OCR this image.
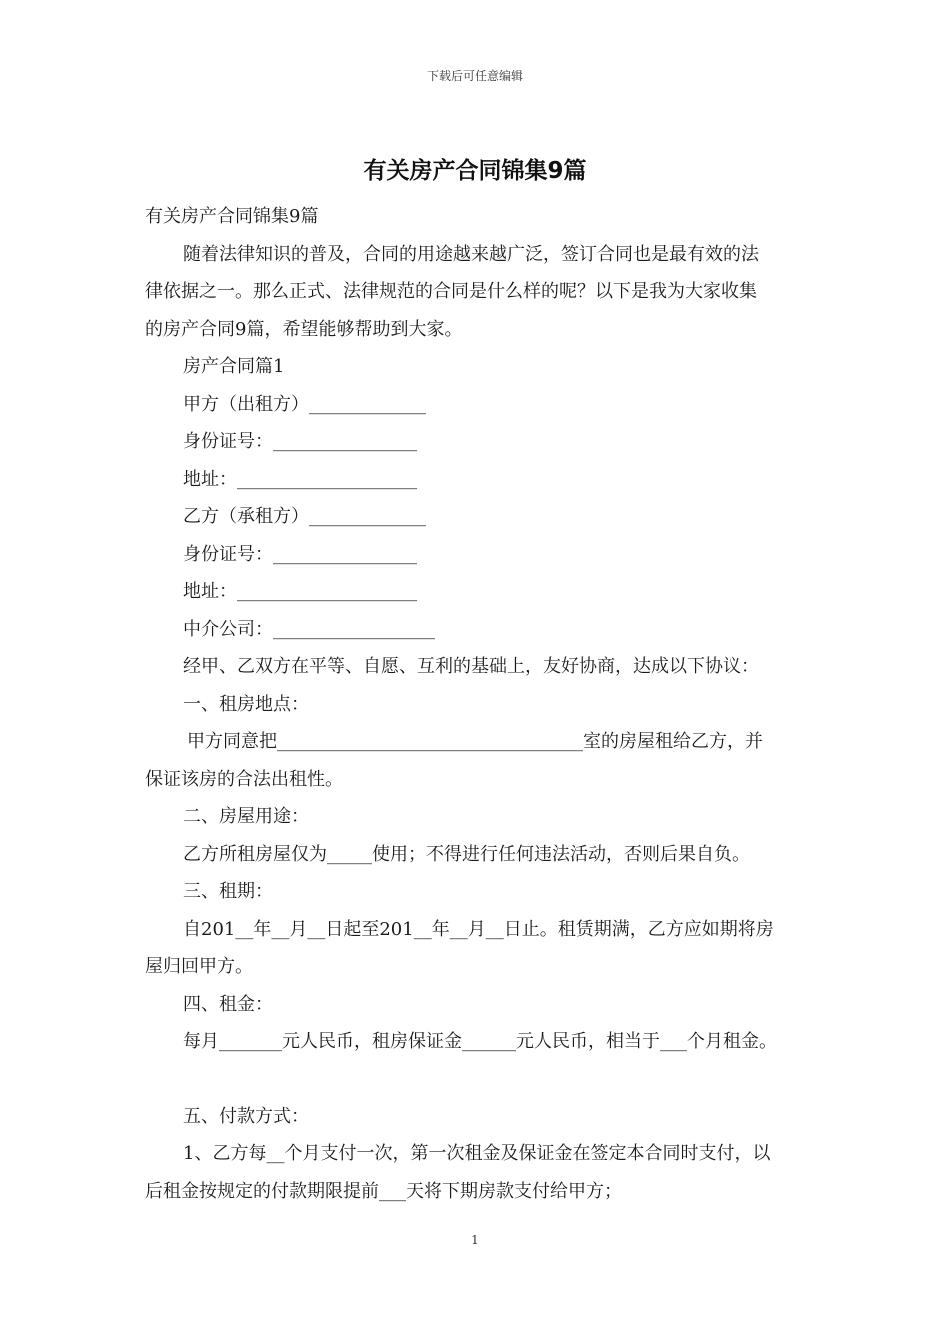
下载后可任意编辑
有关房产合同锦集9篇

有关房产合同锦集9篇

随着法律知识的普及，合同的用途越来越广泛，签订合同也是最有效的法

律依据之一。那么正式、法律规范的合同是什么样的呢？以下是我为大家收集

的房产合同9篇，希望能够帮助到大家。

房产合同篇1

甲方（出租方）_____________

身份证号：________________

地址：____________________

乙方（承租方）_____________

身份证号：________________

地址：____________________

中介公司：__________________

经甲、乙双方在平等、自愿、互利的基础上，友好协商，达成以下协议：

一、租房地点：

甲方同意把__________________________________室的房屋租给乙方，并

保证该房的合法出租性。

二、房屋用途：

乙方所租房屋仅为_____使用；不得进行任何违法活动，否则后果自负。

三、租期：

自201__年__月__日起至201__年__月__日止。租赁期满，乙方应如期将房

屋归回甲方。

四、租金：

每月_______元人民币，租房保证金______元人民币，相当于___个月租金。

五、付款方式：

1、乙方每__个月支付一次，第一次租金及保证金在签定本合同时支付，以

后租金按规定的付款期限提前___天将下期房款支付给甲方；

1
